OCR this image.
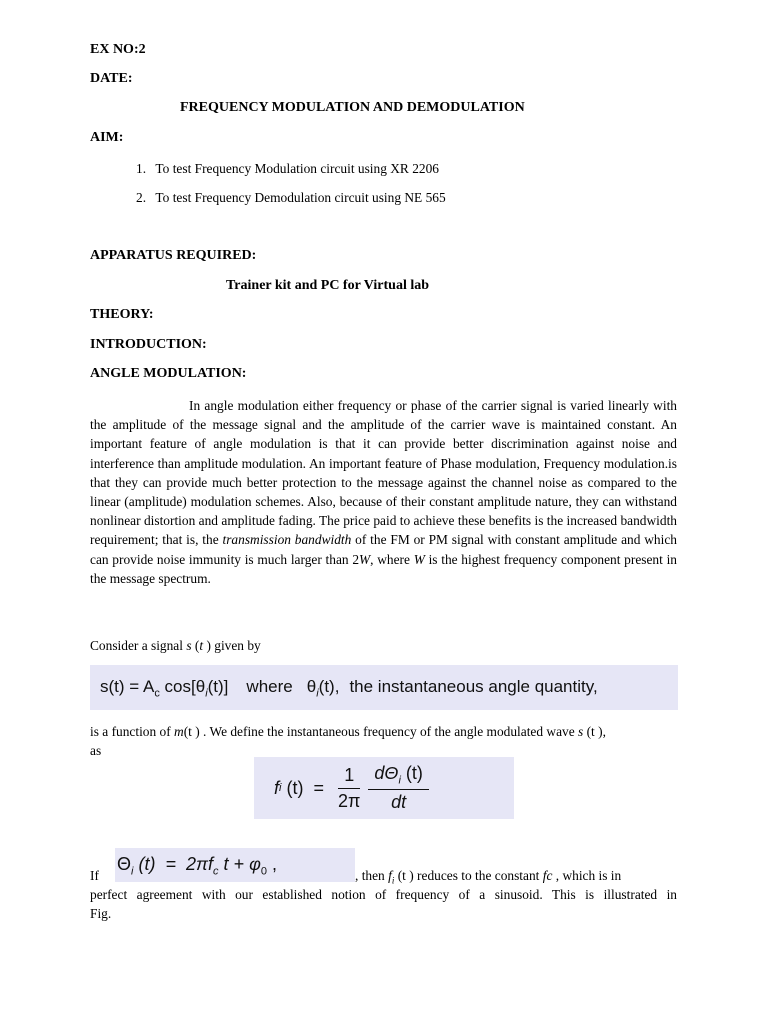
EX NO:2
DATE:
FREQUENCY MODULATION AND DEMODULATION
AIM:
1. To test Frequency Modulation circuit using XR 2206
2. To test Frequency Demodulation circuit using NE 565
APPARATUS REQUIRED:
Trainer kit and PC for Virtual lab
THEORY:
INTRODUCTION:
ANGLE MODULATION:
In angle modulation either frequency or phase of the carrier signal is varied linearly with the amplitude of the message signal and the amplitude of the carrier wave is maintained constant. An important feature of angle modulation is that it can provide better discrimination against noise and interference than amplitude modulation. An important feature of Phase modulation, Frequency modulation.is that they can provide much better protection to the message against the channel noise as compared to the linear (amplitude) modulation schemes. Also, because of their constant amplitude nature, they can withstand nonlinear distortion and amplitude fading. The price paid to achieve these benefits is the increased bandwidth requirement; that is, the transmission bandwidth of the FM or PM signal with constant amplitude and which can provide noise immunity is much larger than 2W, where W is the highest frequency component present in the message spectrum.
Consider a signal s (t ) given by
$s(t) = A_c$ $\cos[\theta_i(t)]$ where $\theta_i(t)$, the instantaneous angle quantity,
is a function of m(t ) . We define the instantaneous frequency of the angle modulated wave s (t ),
as
f i $(t) = \frac{1}{2\pi} \frac{d\Theta_i (t)}{dt}$
If
$\Theta_i$ $(t) = 2\pi f_c$ $t + \varphi_0$ ,
, then $f_i$ (t ) reduces to the constant fc , which is in
perfect agreement with our established notion of frequency of a sinusoid. This is illustrated in
Fig.
